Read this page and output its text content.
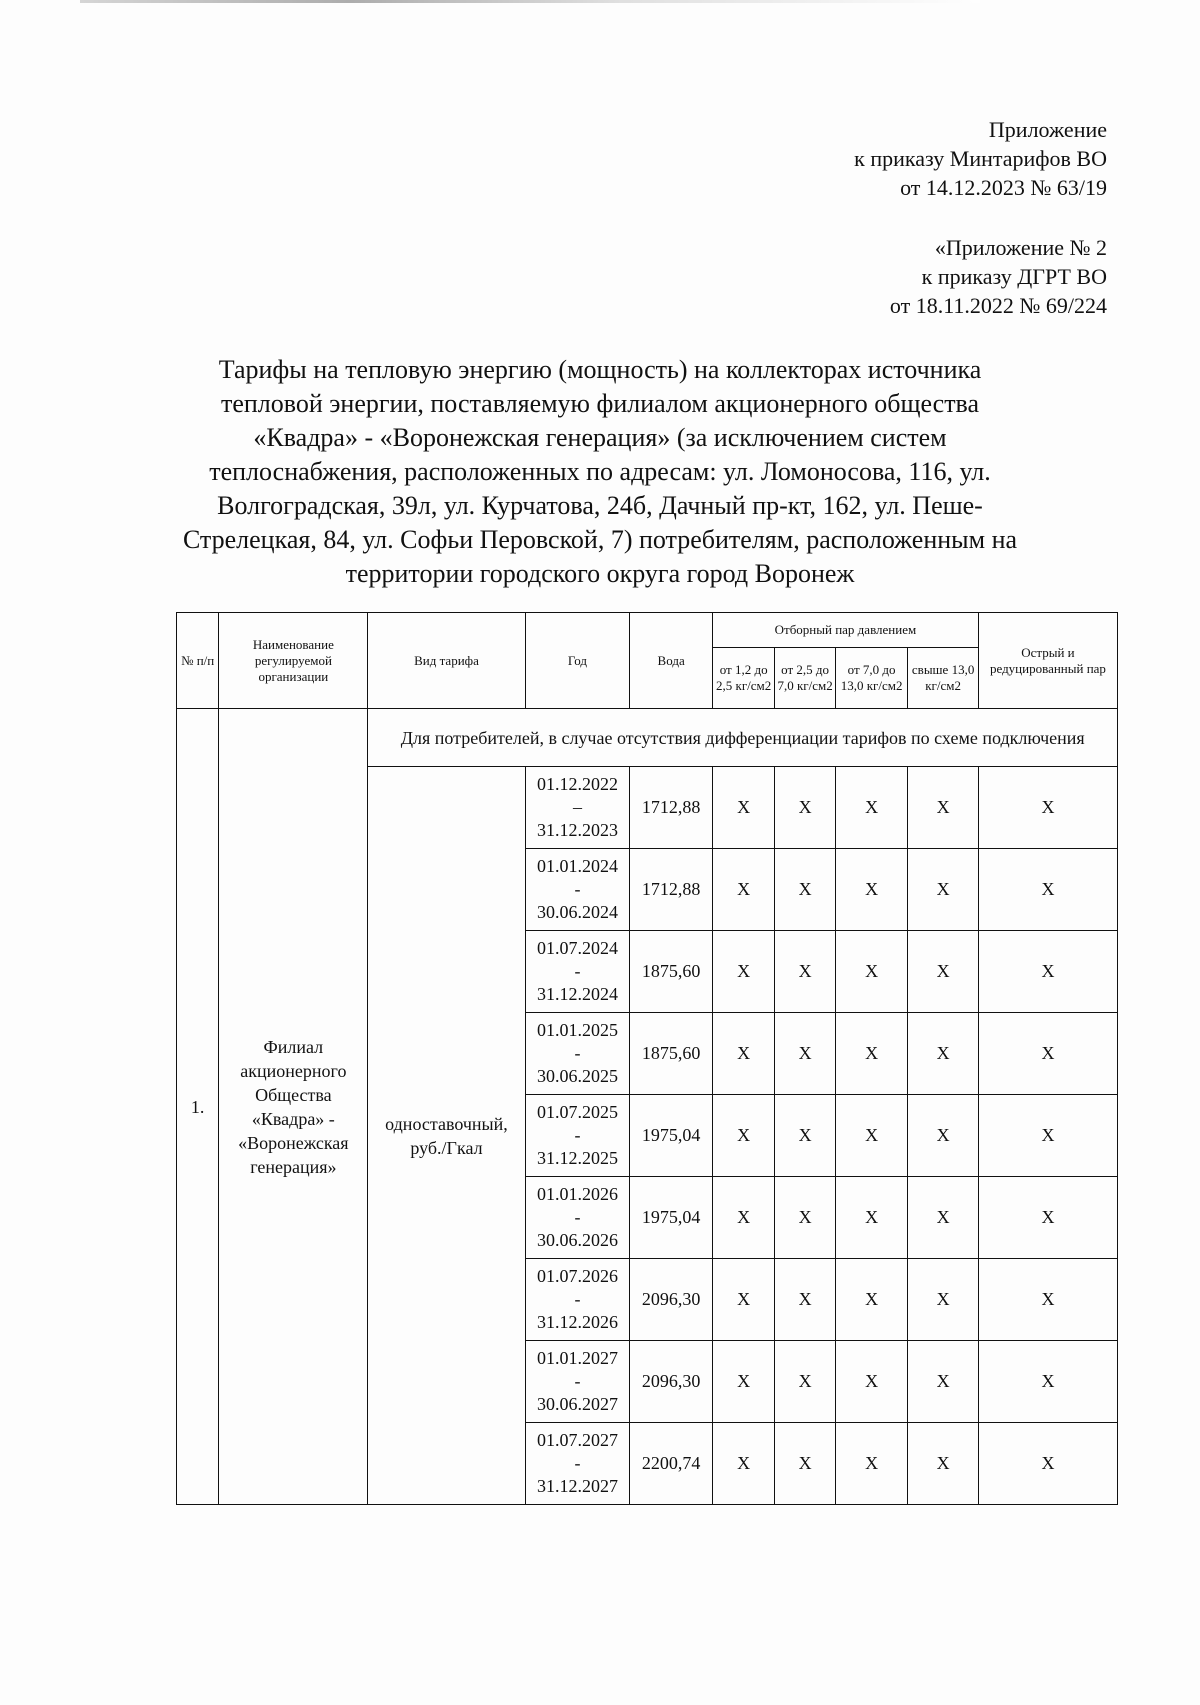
Приложение
к приказу Минтарифов ВО
от 14.12.2023 № 63/19
«Приложение № 2
к приказу ДГРТ ВО
от 18.11.2022 № 69/224
Тарифы на тепловую энергию (мощность) на коллекторах источника
тепловой энергии, поставляемую филиалом акционерного общества
«Квадра» - «Воронежская генерация» (за исключением систем
теплоснабжения, расположенных по адресам: ул. Ломоносова, 116, ул.
Волгоградская, 39л, ул. Курчатова, 24б, Дачный пр-кт, 162, ул. Пеше-
Стрелецкая, 84, ул. Софьи Перовской, 7) потребителям, расположенным на
территории городского округа город Воронеж
№ п/п	Наименование регулируемой организации	Вид тарифа	Год	Вода	Отборный пар давлением				Острый и редуцированный пар
					от 1,2 до 2,5 кг/см2	от 2,5 до 7,0 кг/см2	от 7,0 до 13,0 кг/см2	свыше 13,0 кг/см2	
1.	Филиал акционерного Общества «Квадра» - «Воронежская генерация»	Для потребителей, в случае отсутствия дифференциации тарифов по схеме подключения							
		одноставочный, руб./Гкал	01.12.2022
–
31.12.2023	1712,88	X	X	X	X	X

			01.01.2024
-
30.06.2024	1712,88	X	X	X	X	X

			01.07.2024
-
31.12.2024	1875,60	X	X	X	X	X

			01.01.2025
-
30.06.2025	1875,60	X	X	X	X	X

			01.07.2025
-
31.12.2025	1975,04	X	X	X	X	X

			01.01.2026
-
30.06.2026	1975,04	X	X	X	X	X

			01.07.2026
-
31.12.2026	2096,30	X	X	X	X	X

			01.01.2027
-
30.06.2027	2096,30	X	X	X	X	X

			01.07.2027
-
31.12.2027	2200,74	X	X	X	X	X
